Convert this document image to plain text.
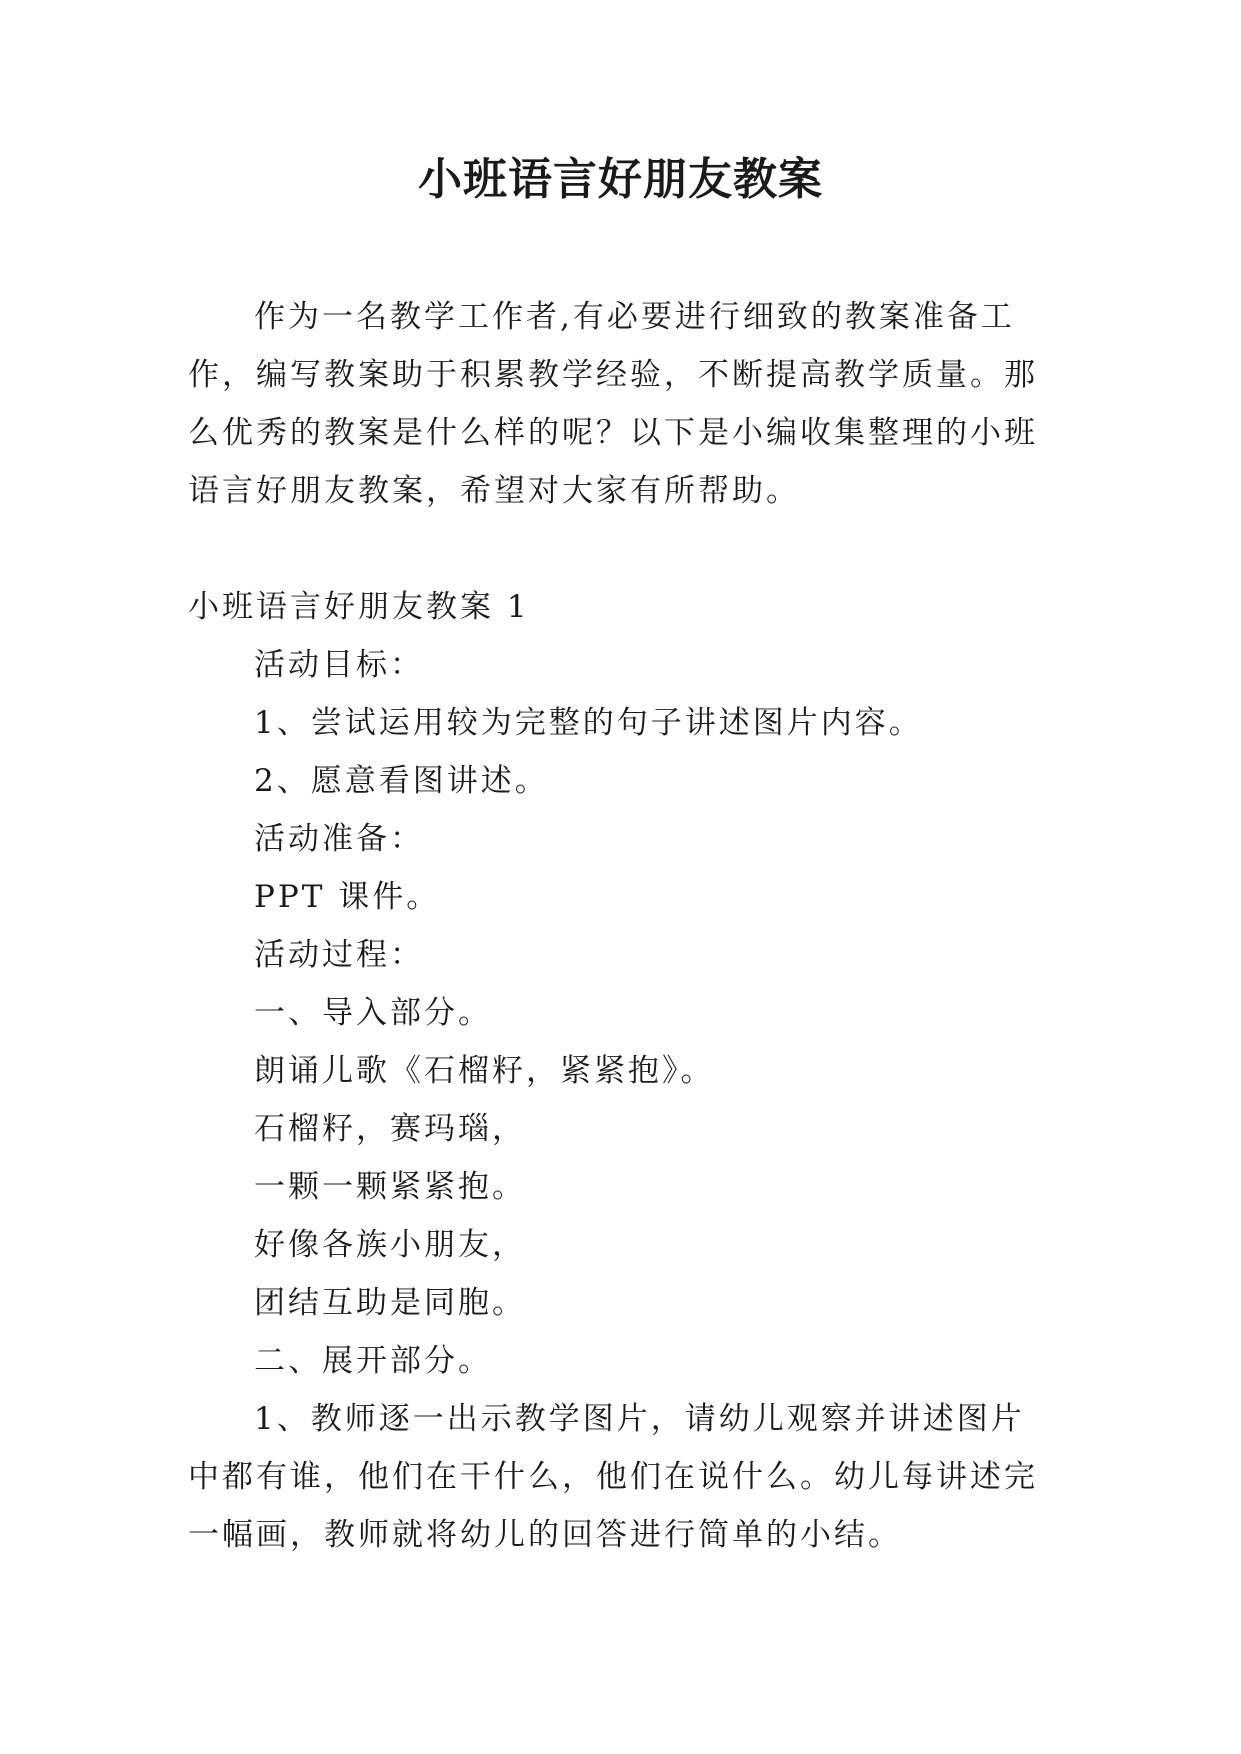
小班语言好朋友教案

作为一名教学工作者,有必要进行细致的教案准备工作，编写教案助于积累教学经验，不断提高教学质量。那么优秀的教案是什么样的呢？以下是小编收集整理的小班语言好朋友教案，希望对大家有所帮助。

小班语言好朋友教案 1

活动目标：

1、尝试运用较为完整的句子讲述图片内容。

2、愿意看图讲述。

活动准备：

PPT 课件。

活动过程：

一、导入部分。

朗诵儿歌《石榴籽，紧紧抱》。

石榴籽，赛玛瑙，

一颗一颗紧紧抱。

好像各族小朋友，

团结互助是同胞。

二、展开部分。

1、教师逐一出示教学图片，请幼儿观察并讲述图片中都有谁，他们在干什么，他们在说什么。幼儿每讲述完一幅画，教师就将幼儿的回答进行简单的小结。
